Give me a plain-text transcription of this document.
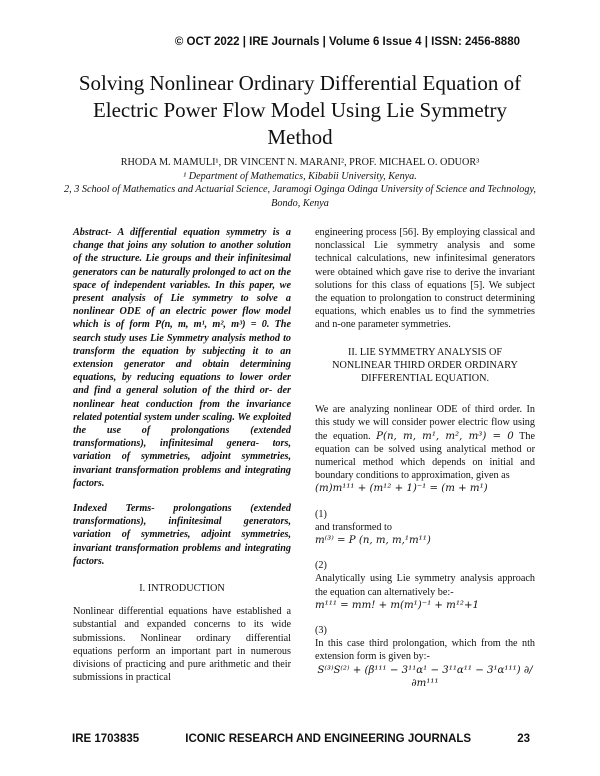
© OCT 2022 | IRE Journals | Volume 6 Issue 4 | ISSN: 2456-8880
Solving Nonlinear Ordinary Differential Equation of Electric Power Flow Model Using Lie Symmetry Method
RHODA M. MAMULI¹, DR VINCENT N. MARANI², PROF. MICHAEL O. ODUOR³
¹ Department of Mathematics, Kibabii University, Kenya.
2, 3 School of Mathematics and Actuarial Science, Jaramogi Oginga Odinga University of Science and Technology, Bondo, Kenya

Abstract- A differential equation symmetry is a change that joins any solution to another solution of the structure. Lie groups and their infinitesimal generators can be naturally prolonged to act on the space of independent variables. In this paper, we present analysis of Lie symmetry to solve a nonlinear ODE of an electric power flow model which is of form P(n, m, m¹, m², m³) = 0. The search study uses Lie Symmetry analysis method to transform the equation by subjecting it to an extension generator and obtain determining equations, by reducing equations to lower order and find a general solution of the third or- der nonlinear heat conduction from the invariance related potential system under scaling. We exploited the use of prolongations (extended transformations), infinitesimal genera- tors, variation of symmetries, adjoint symmetries, invariant transformation problems and integrating factors.

Indexed Terms- prolongations (extended transformations), infinitesimal generators, variation of symmetries, adjoint symmetries, invariant transformation problems and integrating factors.

I. INTRODUCTION

Nonlinear differential equations have established a substantial and expanded concerns to its wide submissions. Nonlinear ordinary differential equations perform an important part in numerous divisions of practicing and pure arithmetic and their submissions in practical

engineering process [56]. By employing classical and nonclassical Lie symmetry analysis and some technical calculations, new infinitesimal generators were obtained which gave rise to derive the invariant solutions for this class of equations [5]. We subject the equation to prolongation to construct determining equations, which enables us to find the symmetries and n-one parameter symmetries.

II. LIE SYMMETRY ANALYSIS OF NONLINEAR THIRD ORDER ORDINARY DIFFERENTIAL EQUATION.

We are analyzing nonlinear ODE of third order. In this study we will consider power electric flow using the equation. P(n, m, m¹, m², m³) = 0 The equation can be solved using analytical method or numerical method which depends on initial and boundary conditions to approximation, given as

(m)m¹¹¹ + (m¹² + 1)⁻¹ = (m + m¹)
(1)
and transformed to
m⁽³⁾ = P (n, m, m,¹m¹¹)
(2)

Analytically using Lie symmetry analysis approach the equation can alternatively be:-

m¹¹¹ = mm! + m(m¹)⁻¹ + m¹²+1
(3)

In this case third prolongation, which from the nth extension form is given by:-

S⁽³⁾S⁽²⁾ + (β¹¹¹ − 3¹¹α¹ − 3¹¹α¹¹ − 3¹α¹¹¹) ∂/∂m¹¹¹
IRE 1703835	ICONIC RESEARCH AND ENGINEERING JOURNALS	23
